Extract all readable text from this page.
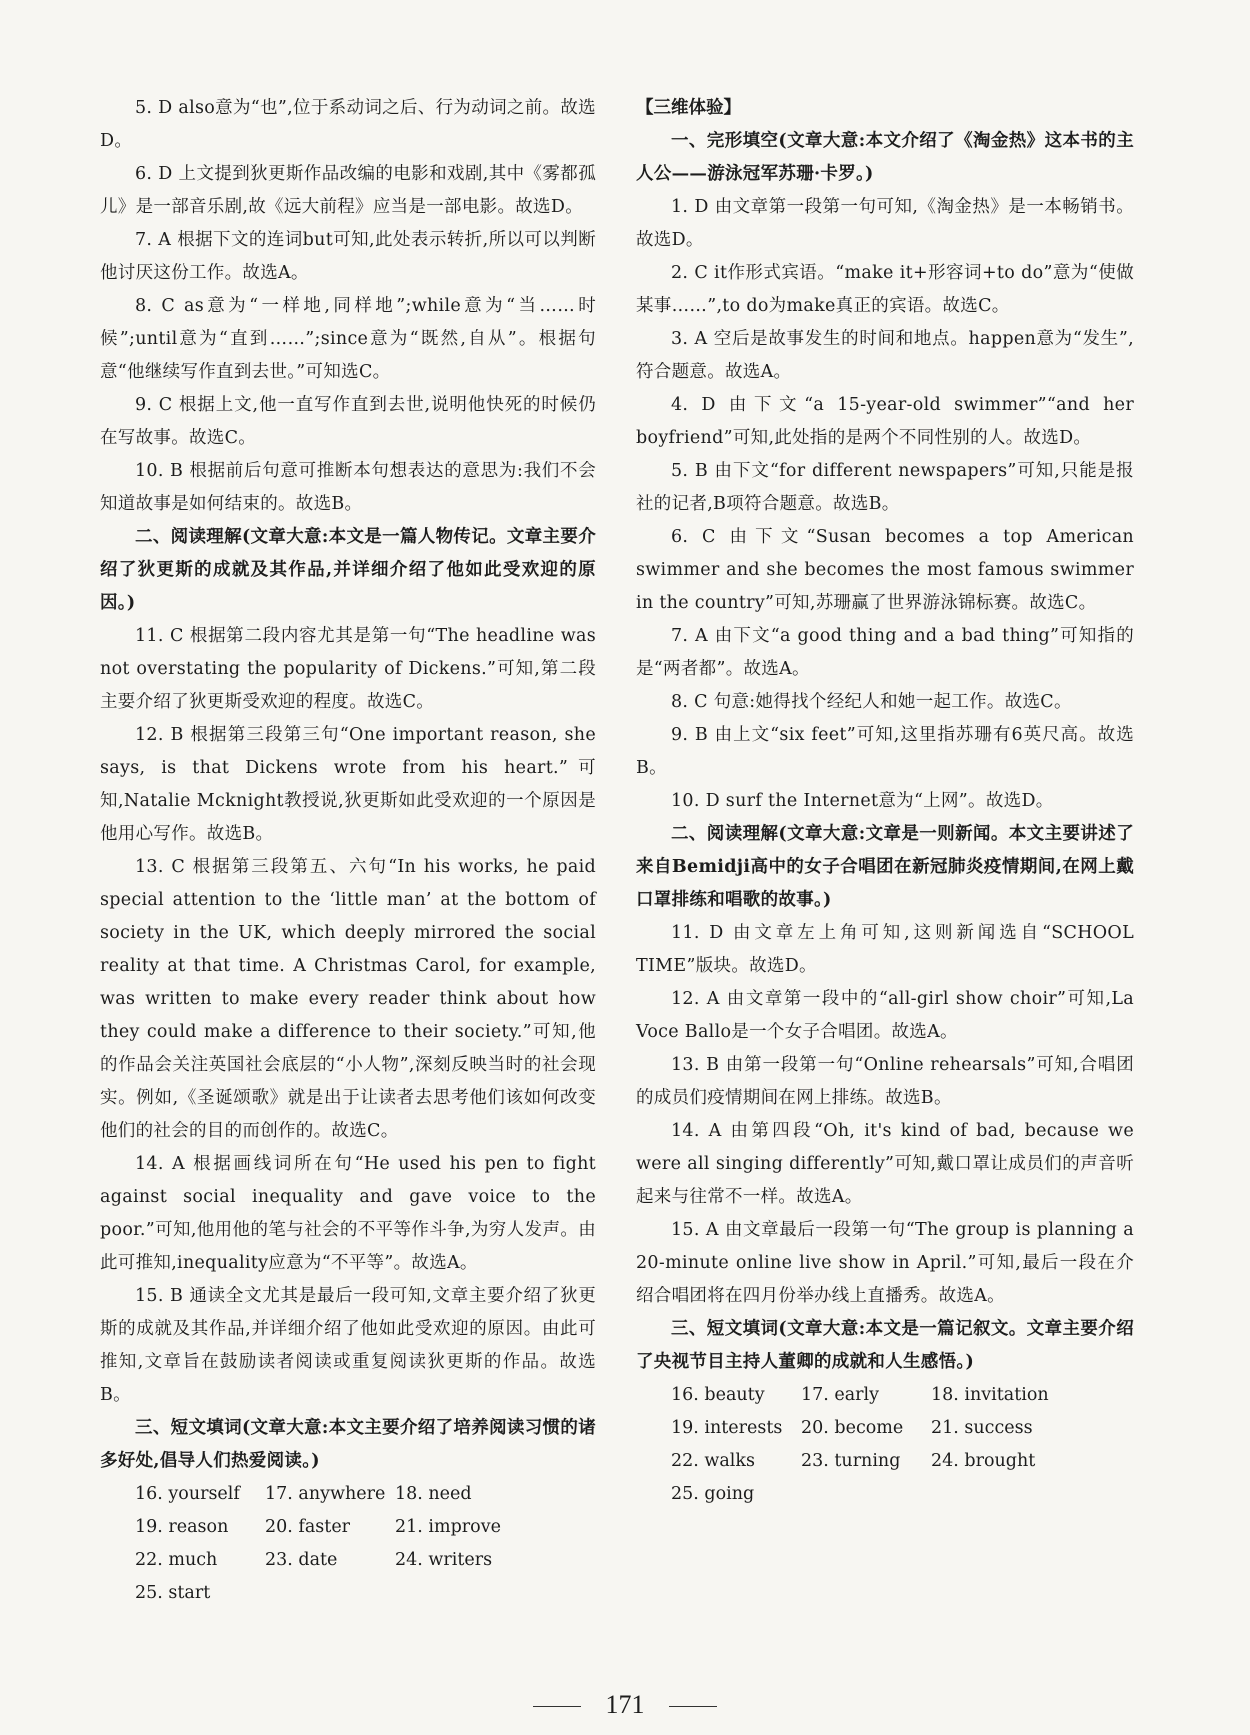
5. D also意为“也”,位于系动词之后、行为动词之前。故选D。

6. D 上文提到狄更斯作品改编的电影和戏剧,其中《雾都孤儿》是一部音乐剧,故《远大前程》应当是一部电影。故选D。

7. A 根据下文的连词but可知,此处表示转折,所以可以判断他讨厌这份工作。故选A。

8. C as意为“一样地,同样地”;while意为“当……时候”;until意为“直到……”;since意为“既然,自从”。根据句意“他继续写作直到去世。”可知选C。

9. C 根据上文,他一直写作直到去世,说明他快死的时候仍在写故事。故选C。

10. B 根据前后句意可推断本句想表达的意思为:我们不会知道故事是如何结束的。故选B。

二、阅读理解(文章大意:本文是一篇人物传记。文章主要介绍了狄更斯的成就及其作品,并详细介绍了他如此受欢迎的原因。)

11. C 根据第二段内容尤其是第一句“The headline was not overstating the popularity of Dickens.”可知,第二段主要介绍了狄更斯受欢迎的程度。故选C。

12. B 根据第三段第三句“One important reason, she says, is that Dickens wrote from his heart.”可知,Natalie Mcknight教授说,狄更斯如此受欢迎的一个原因是他用心写作。故选B。

13. C 根据第三段第五、六句“In his works, he paid special attention to the ‘little man’ at the bottom of society in the UK, which deeply mirrored the social reality at that time. A Christmas Carol, for example, was written to make every reader think about how they could make a difference to their society.”可知,他的作品会关注英国社会底层的“小人物”,深刻反映当时的社会现实。例如,《圣诞颂歌》就是出于让读者去思考他们该如何改变他们的社会的目的而创作的。故选C。

14. A 根据画线词所在句“He used his pen to fight against social inequality and gave voice to the poor.”可知,他用他的笔与社会的不平等作斗争,为穷人发声。由此可推知,inequality应意为“不平等”。故选A。

15. B 通读全文尤其是最后一段可知,文章主要介绍了狄更斯的成就及其作品,并详细介绍了他如此受欢迎的原因。由此可推知,文章旨在鼓励读者阅读或重复阅读狄更斯的作品。故选B。

三、短文填词(文章大意:本文主要介绍了培养阅读习惯的诸多好处,倡导人们热爱阅读。)

16. yourself	17. anywhere 18. need
19. reason	20. faster	21. improve
22. much	23. date	24. writers
25. start
【三维体验】

一、完形填空(文章大意:本文介绍了《淘金热》这本书的主人公——游泳冠军苏珊·卡罗。)

1. D 由文章第一段第一句可知,《淘金热》是一本畅销书。故选D。

2. C it作形式宾语。“make it+形容词+to do”意为“使做某事……”,to do为make真正的宾语。故选C。

3. A 空后是故事发生的时间和地点。happen意为“发生”,符合题意。故选A。

4. D 由下文“a 15-year-old swimmer”“and her boyfriend”可知,此处指的是两个不同性别的人。故选D。

5. B 由下文“for different newspapers”可知,只能是报社的记者,B项符合题意。故选B。

6. C 由下文“Susan becomes a top American swimmer and she becomes the most famous swimmer in the country”可知,苏珊赢了世界游泳锦标赛。故选C。

7. A 由下文“a good thing and a bad thing”可知指的是“两者都”。故选A。

8. C 句意:她得找个经纪人和她一起工作。故选C。

9. B 由上文“six feet”可知,这里指苏珊有6英尺高。故选B。

10. D surf the Internet意为“上网”。故选D。

二、阅读理解(文章大意:文章是一则新闻。本文主要讲述了来自Bemidji高中的女子合唱团在新冠肺炎疫情期间,在网上戴口罩排练和唱歌的故事。)

11. D 由文章左上角可知,这则新闻选自“SCHOOL TIME”版块。故选D。

12. A 由文章第一段中的“all-girl show choir”可知,La Voce Ballo是一个女子合唱团。故选A。

13. B 由第一段第一句“Online rehearsals”可知,合唱团的成员们疫情期间在网上排练。故选B。

14. A 由第四段“Oh, it's kind of bad, because we were all singing differently”可知,戴口罩让成员们的声音听起来与往常不一样。故选A。

15. A 由文章最后一段第一句“The group is planning a 20-minute online live show in April.”可知,最后一段在介绍合唱团将在四月份举办线上直播秀。故选A。

三、短文填词(文章大意:本文是一篇记叙文。文章主要介绍了央视节目主持人董卿的成就和人生感悟。)

16. beauty	17. early	18. invitation
19. interests	20. become	21. success
22. walks	23. turning	24. brought
25. going
171
